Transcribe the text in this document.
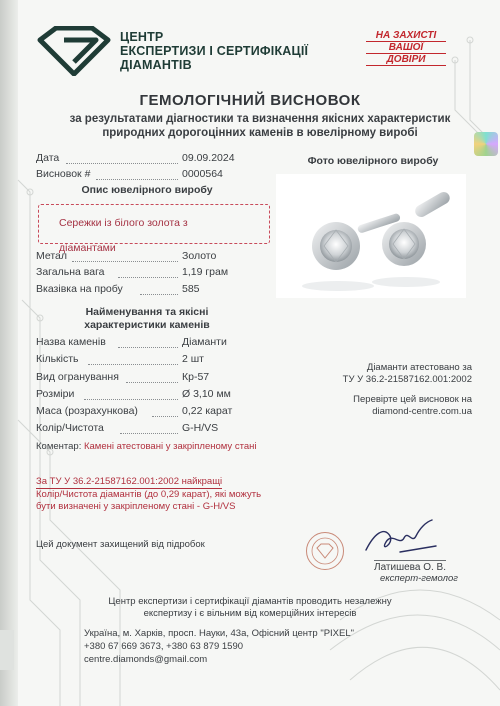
ЦЕНТР
ЕКСПЕРТИЗИ І СЕРТИФІКАЦІЇ
ДІАМАНТІВ
НА ЗАХИСТІ
ВАШОЇ
ДОВІРИ
ГЕМОЛОГІЧНИЙ ВИСНОВОК
за результатами діагностики та визначення якісних характеристик
природних дорогоцінних каменів в ювелірному виробі
Дата	09.09.2024
Висновок #	0000564
Опис ювелірного виробу
Сережки із білого золота з
діамантами
Метал	Золото
Загальна вага	1,19 грам
Вказівка на пробу	585
Найменування та якісні
характеристики каменів
Назва каменів	Діаманти
Кількість	2 шт
Вид огранування	Кр-57
Розміри	Ø 3,10 мм
Маса (розрахункова)	0,22 карат
Колір/Чистота	G-H/VS
Коментар: Камені атестовані у закріпленому стані
Фото ювелірного виробу
Діаманти атестовано за
ТУ У 36.2-21587162.001:2002
Перевірте цей висновок на
diamond-centre.com.ua
За ТУ У 36.2-21587162.001:2002 найкращі
Колір/Чистота діамантів (до 0,29 карат), які можуть
бути визначені у закріпленому стані - G-H/VS
Цей документ захищений від підробок
Латишева О. В.
експерт-гемолог
Центр експертизи і сертифікації діамантів проводить незалежну
експертизу і є вільним від комерційних інтересів
Україна, м. Харків, просп. Науки, 43а, Офісний центр "PIXEL"
+380 67 669 3673, +380 63 879 1590
centre.diamonds@gmail.com
